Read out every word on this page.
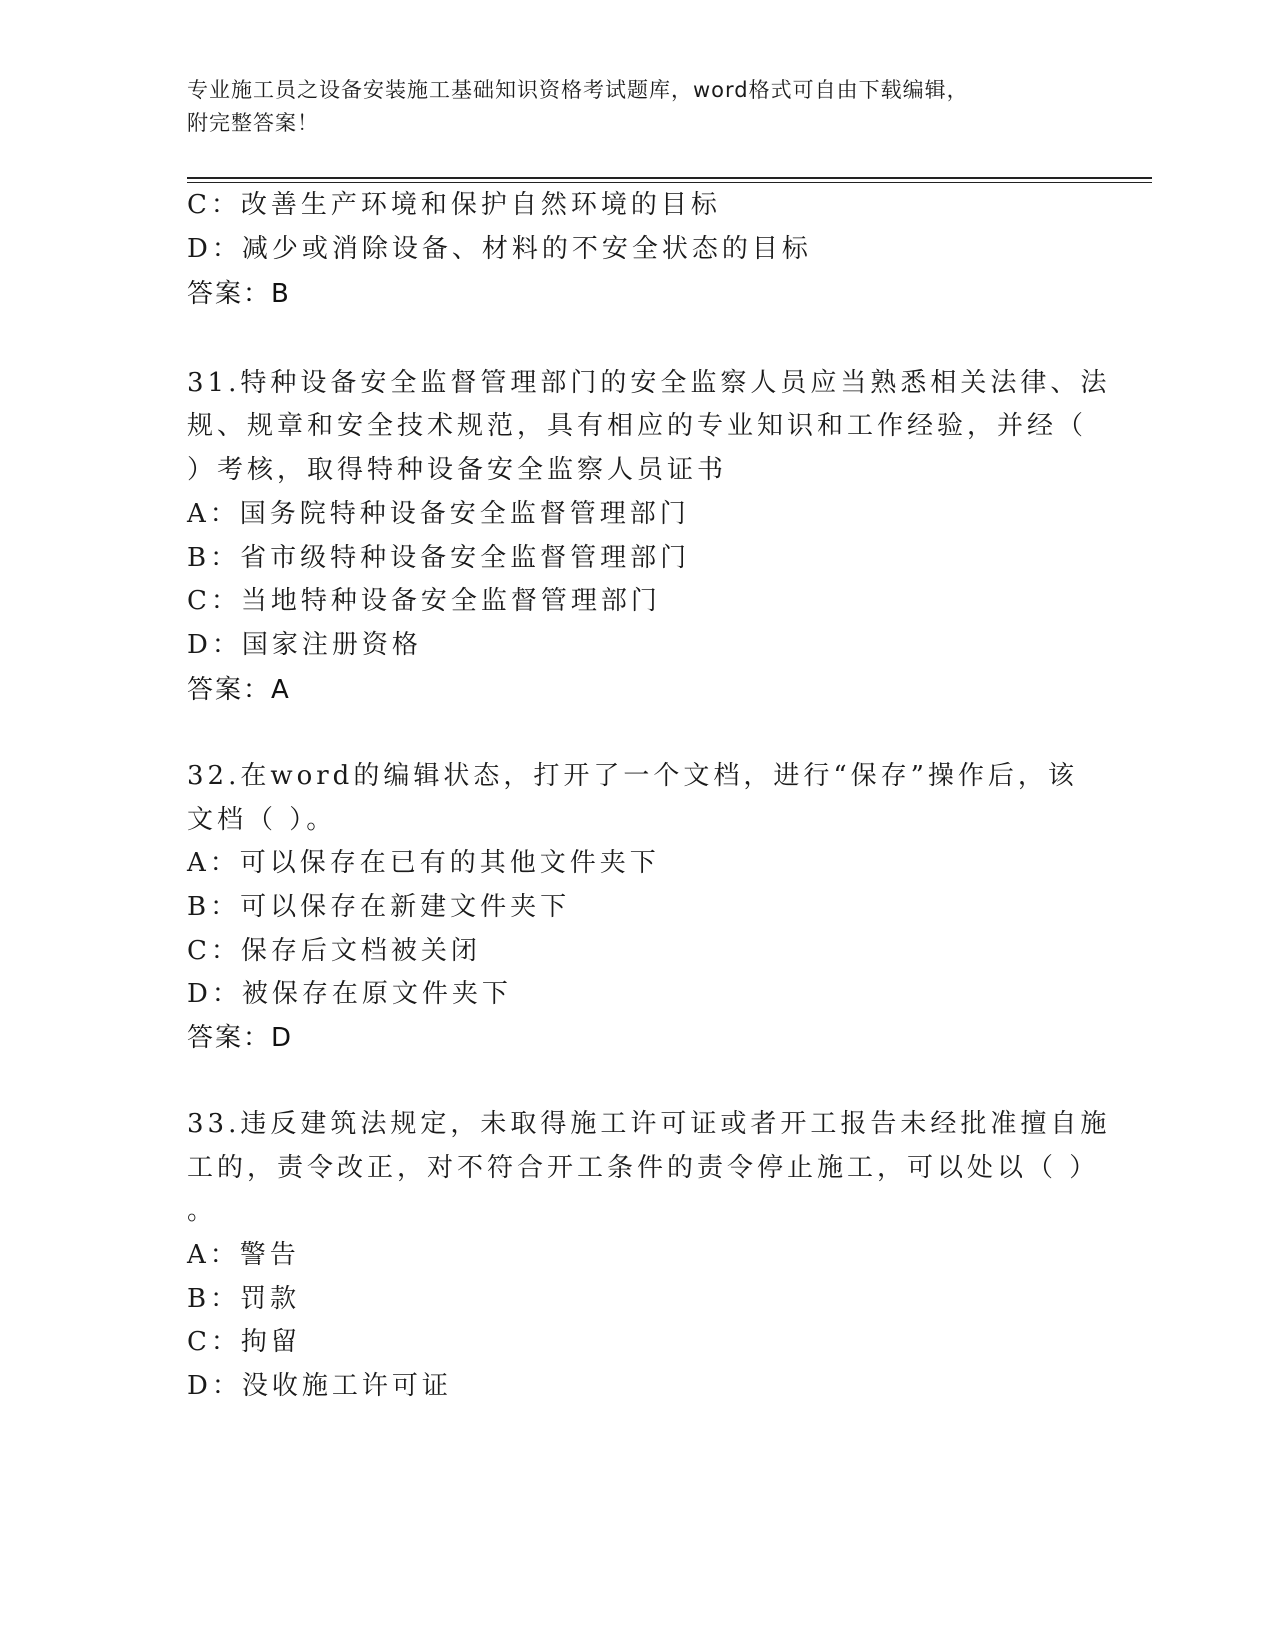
专业施工员之设备安装施工基础知识资格考试题库，word格式可自由下载编辑，
附完整答案！
C：改善生产环境和保护自然环境的目标
D：减少或消除设备、材料的不安全状态的目标
答案：B
31.特种设备安全监督管理部门的安全监察人员应当熟悉相关法律、法
规、规章和安全技术规范，具有相应的专业知识和工作经验，并经（
）考核，取得特种设备安全监察人员证书
A：国务院特种设备安全监督管理部门
B：省市级特种设备安全监督管理部门
C：当地特种设备安全监督管理部门
D：国家注册资格
答案：A
32.在word的编辑状态，打开了一个文档，进行“保存”操作后，该
文档（ ）。
A：可以保存在已有的其他文件夹下
B：可以保存在新建文件夹下
C：保存后文档被关闭
D：被保存在原文件夹下
答案：D
33.违反建筑法规定，未取得施工许可证或者开工报告未经批准擅自施
工的，责令改正，对不符合开工条件的责令停止施工，可以处以（ ）
。
A：警告
B：罚款
C：拘留
D：没收施工许可证
